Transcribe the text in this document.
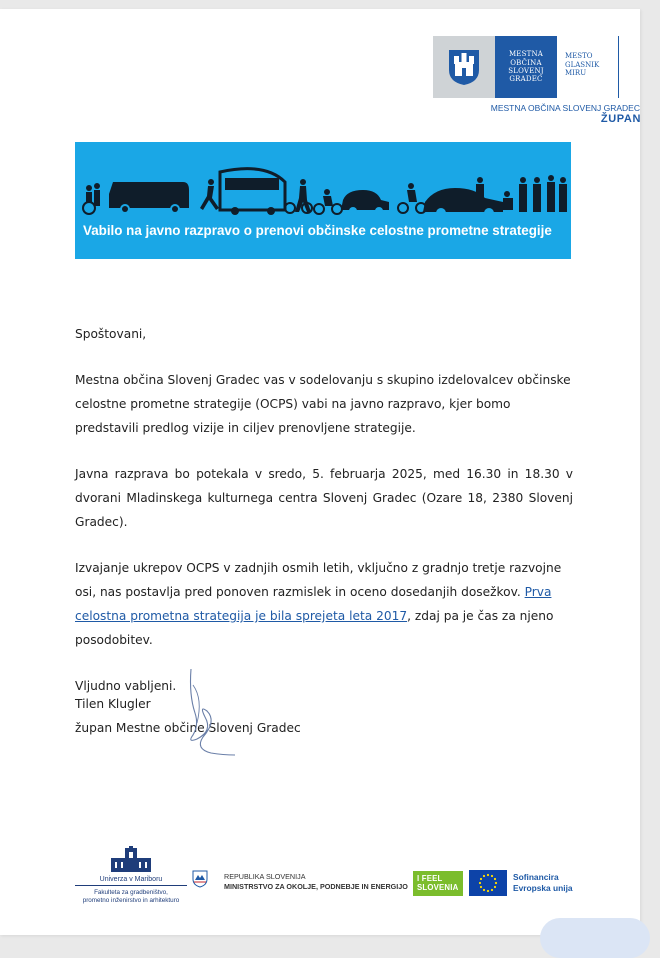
MESTNA
OBČINA
SLOVENJ
GRADEC
MESTO
GLASNIK
MIRU
MESTNA OBČINA SLOVENJ GRADEC
ŽUPAN
Vabilo na javno razpravo o prenovi občinske celostne prometne strategije

Spoštovani,

Mestna občina Slovenj Gradec vas v sodelovanju s skupino izdelovalcev občinske celostne prometne strategije (OCPS) vabi na javno razpravo, kjer bomo predstavili predlog vizije in ciljev prenovljene strategije.

Javna razprava bo potekala v sredo, 5. februarja 2025, med 16.30 in 18.30 v dvorani Mladinskega kulturnega centra Slovenj Gradec (Ozare 18, 2380 Slovenj Gradec).

Izvajanje ukrepov OCPS v zadnjih osmih letih, vključno z gradnjo tretje razvojne osi, nas postavlja pred ponoven razmislek in oceno dosedanjih dosežkov. Prva celostna prometna strategija je bila sprejeta leta 2017, zdaj pa je čas za njeno posodobitev.

Vljudno vabljeni.

Tilen Klugler
župan Mestne občine Slovenj Gradec
Univerza v Mariboru
Fakulteta za gradbeništvo,
prometno inženirstvo in arhitekturo
REPUBLIKA SLOVENIJA
MINISTRSTVO ZA OKOLJE, PODNEBJE IN ENERGIJO
I FEEL
SLOVENIA
Sofinancira
Evropska unija
